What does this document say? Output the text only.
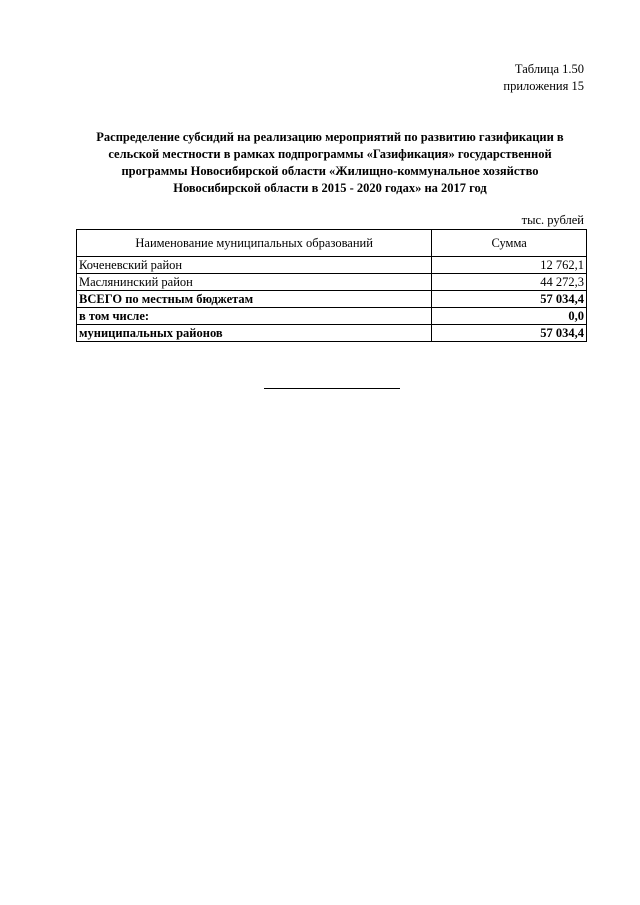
Таблица 1.50
приложения 15
Распределение субсидий на реализацию мероприятий по развитию газификации в
сельской местности в рамках подпрограммы «Газификация» государственной
программы Новосибирской области «Жилищно-коммунальное хозяйство
Новосибирской области в 2015 - 2020 годах» на 2017 год
тыс. рублей
Наименование муниципальных образований	Сумма
Коченевский район	12 762,1
Маслянинский район	44 272,3
ВСЕГО по местным бюджетам	57 034,4
в том числе:	0,0
муниципальных районов	57 034,4
